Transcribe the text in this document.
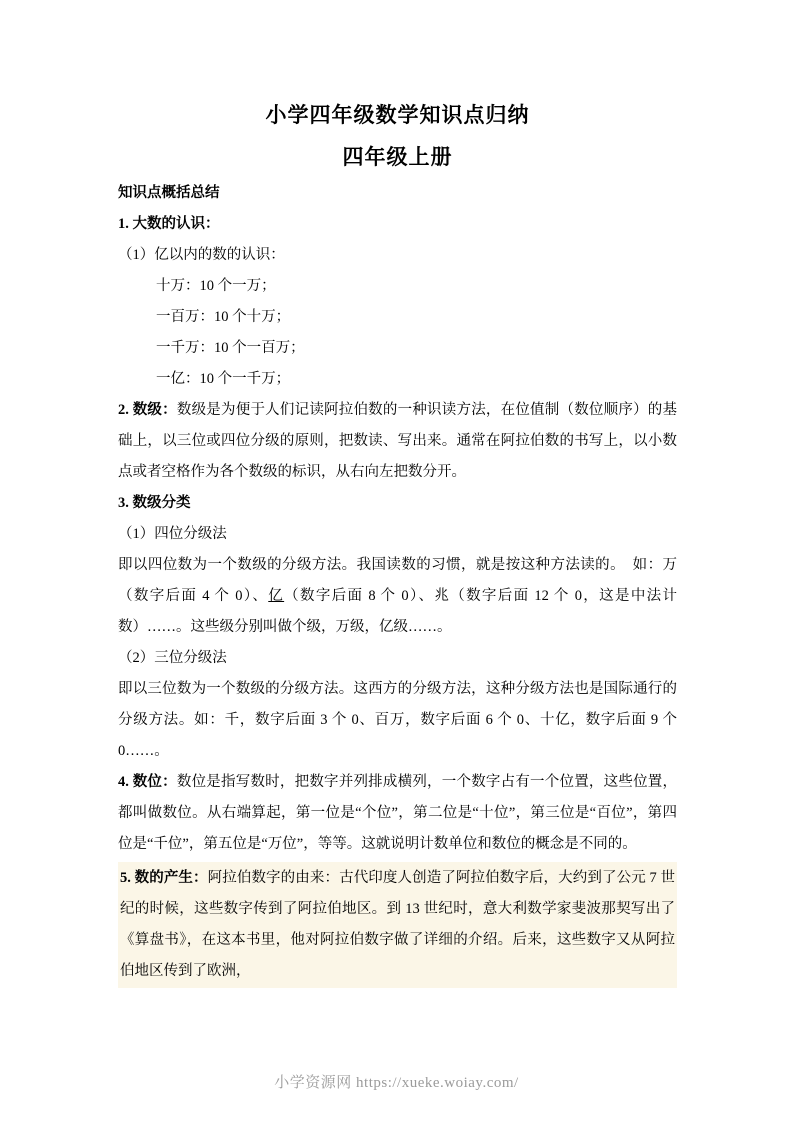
小学四年级数学知识点归纳
四年级上册

知识点概括总结

1. 大数的认识：

（1）亿以内的数的认识：

十万：10 个一万；

一百万：10 个十万；

一千万：10 个一百万；

一亿：10 个一千万；

2. 数级：数级是为便于人们记读阿拉伯数的一种识读方法，在位值制（数位顺序）的基础上，以三位或四位分级的原则，把数读、写出来。通常在阿拉伯数的书写上，以小数点或者空格作为各个数级的标识，从右向左把数分开。

3. 数级分类

（1）四位分级法

即以四位数为一个数级的分级方法。我国读数的习惯，就是按这种方法读的。　如：万（数字后面 4 个 0）、亿（数字后面 8 个 0）、兆（数字后面 12 个 0，这是中法计数）……。这些级分别叫做个级，万级，亿级……。

（2）三位分级法

即以三位数为一个数级的分级方法。这西方的分级方法，这种分级方法也是国际通行的分级方法。如：千，数字后面 3 个 0、百万，数字后面 6 个 0、十亿，数字后面 9 个 0……。

4. 数位：数位是指写数时，把数字并列排成横列，一个数字占有一个位置，这些位置，都叫做数位。从右端算起，第一位是“个位”，第二位是“十位”，第三位是“百位”，第四位是“千位”，第五位是“万位”，等等。这就说明计数单位和数位的概念是不同的。

5. 数的产生：阿拉伯数字的由来：古代印度人创造了阿拉伯数字后，大约到了公元 7 世纪的时候，这些数字传到了阿拉伯地区。到 13 世纪时，意大利数学家斐波那契写出了《算盘书》，在这本书里，他对阿拉伯数字做了详细的介绍。后来，这些数字又从阿拉伯地区传到了欧洲，

小学资源网 https://xueke.woiay.com/
